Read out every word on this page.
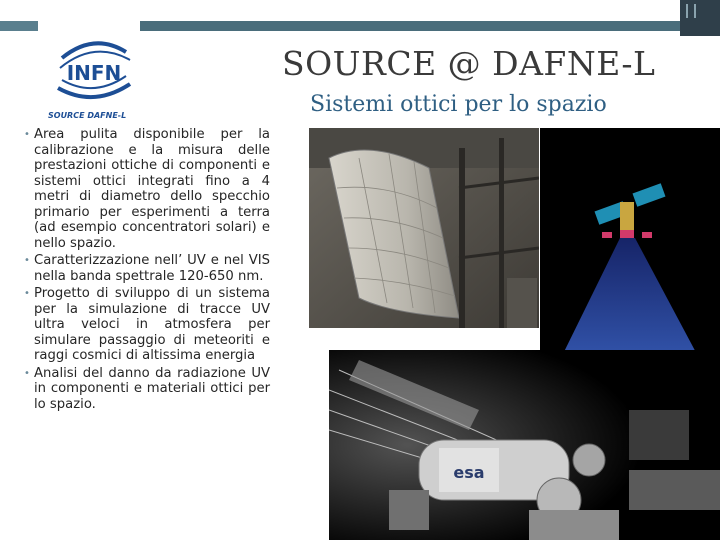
INFN
SOURCE DAFNE-L
SOURCE @ DAFNE-L
Sistemi ottici per lo spazio
• Area pulita disponibile per la calibrazione e la misura delle prestazioni ottiche di componenti e sistemi ottici integrati fino a 4 metri di diametro dello specchio primario per esperimenti a terra (ad esempio concentratori solari) e nello spazio.
• Caratterizzazione nell’ UV e nel VIS nella banda spettrale 120-650 nm.
• Progetto di sviluppo di un sistema per la simulazione di tracce UV ultra veloci in atmosfera per simulare passaggio di meteoriti e raggi cosmici di altissima energia
• Analisi del danno da radiazione UV in componenti e materiali ottici per lo spazio.
esa
